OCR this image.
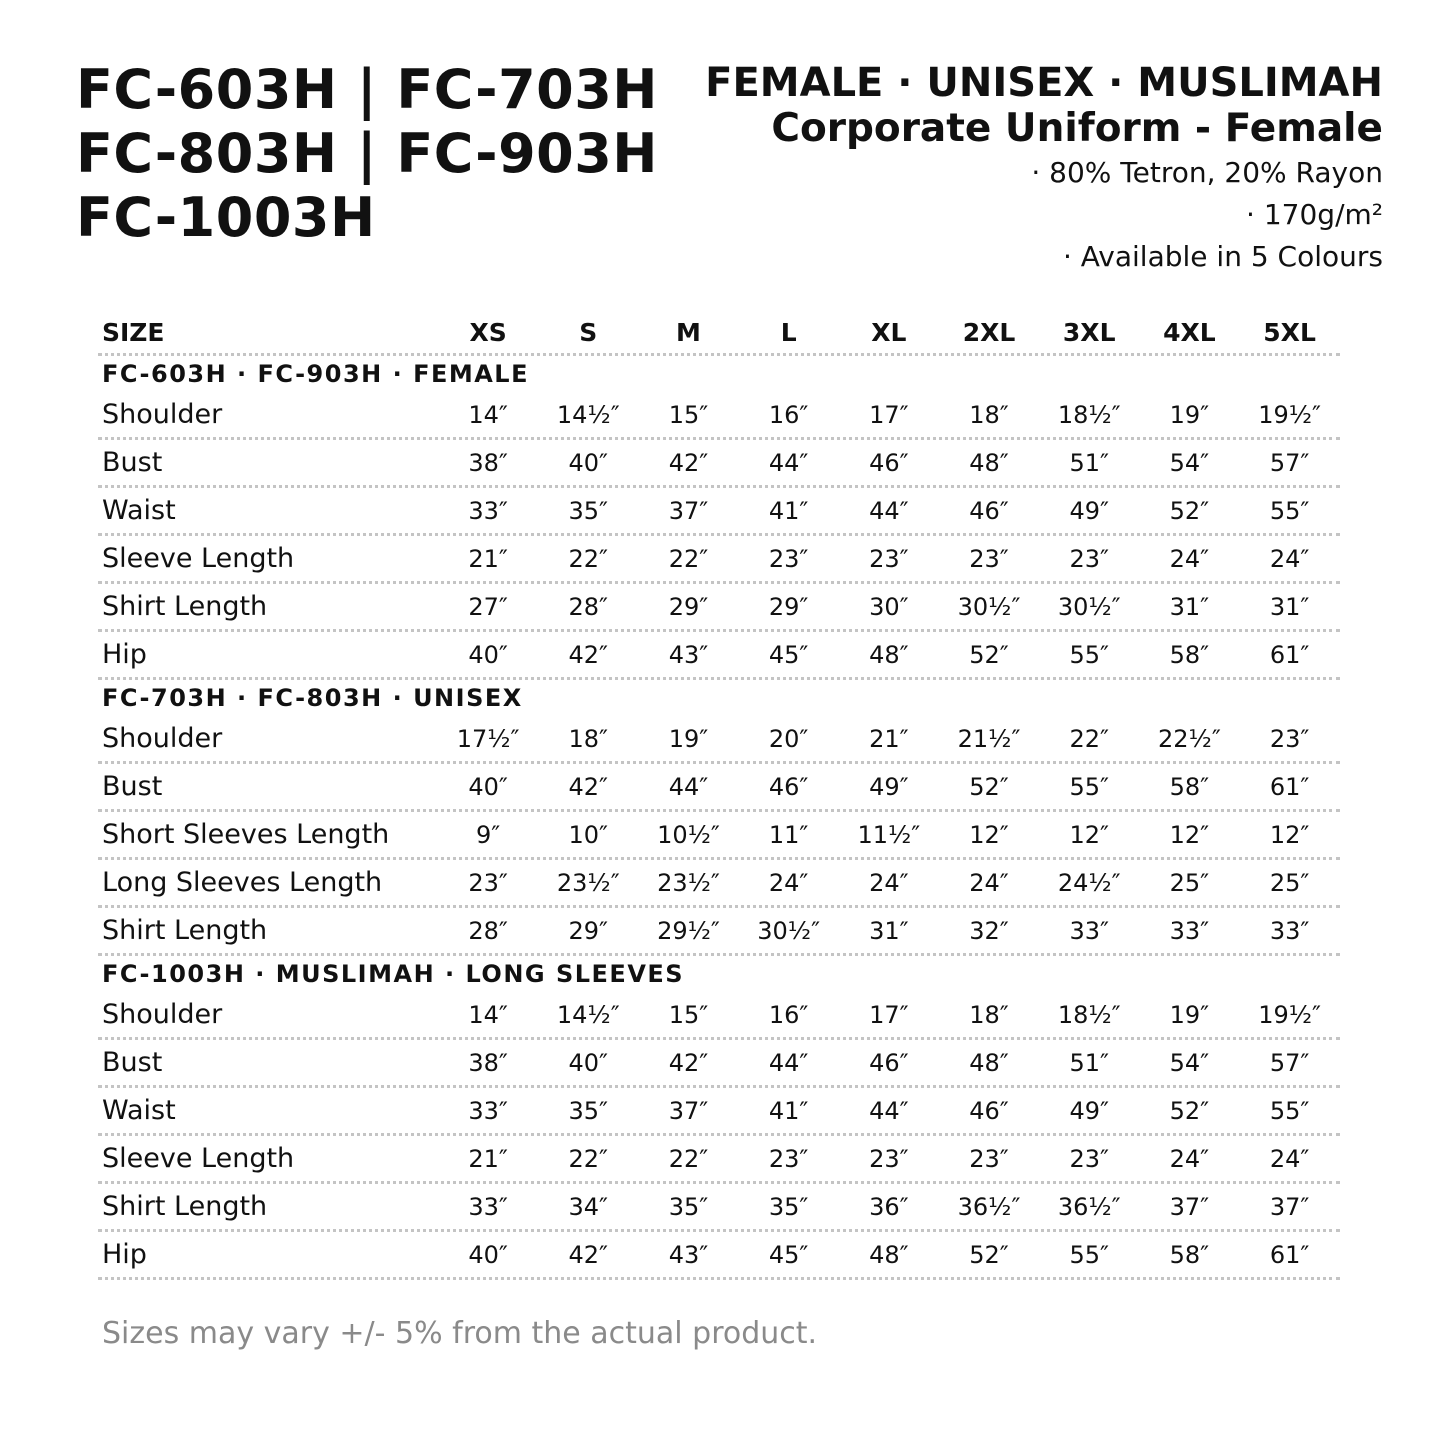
FC-603H | FC-703H
FC-803H | FC-903H
FC-1003H
FEMALE · UNISEX · MUSLIMAH
Corporate Uniform - Female
· 80% Tetron, 20% Rayon
· 170g/m²
· Available in 5 Colours
SIZE	XS	S	M	L	XL	2XL	3XL	4XL	5XL
FC-603H · FC-903H · FEMALE
Shoulder	14″	14½″	15″	16″	17″	18″	18½″	19″	19½″
Bust	38″	40″	42″	44″	46″	48″	51″	54″	57″
Waist	33″	35″	37″	41″	44″	46″	49″	52″	55″
Sleeve Length	21″	22″	22″	23″	23″	23″	23″	24″	24″
Shirt Length	27″	28″	29″	29″	30″	30½″	30½″	31″	31″
Hip	40″	42″	43″	45″	48″	52″	55″	58″	61″
FC-703H · FC-803H · UNISEX
Shoulder	17½″	18″	19″	20″	21″	21½″	22″	22½″	23″
Bust	40″	42″	44″	46″	49″	52″	55″	58″	61″
Short Sleeves Length	9″	10″	10½″	11″	11½″	12″	12″	12″	12″
Long Sleeves Length	23″	23½″	23½″	24″	24″	24″	24½″	25″	25″
Shirt Length	28″	29″	29½″	30½″	31″	32″	33″	33″	33″
FC-1003H · MUSLIMAH · LONG SLEEVES
Shoulder	14″	14½″	15″	16″	17″	18″	18½″	19″	19½″
Bust	38″	40″	42″	44″	46″	48″	51″	54″	57″
Waist	33″	35″	37″	41″	44″	46″	49″	52″	55″
Sleeve Length	21″	22″	22″	23″	23″	23″	23″	24″	24″
Shirt Length	33″	34″	35″	35″	36″	36½″	36½″	37″	37″
Hip	40″	42″	43″	45″	48″	52″	55″	58″	61″
Sizes may vary +/- 5% from the actual product.
